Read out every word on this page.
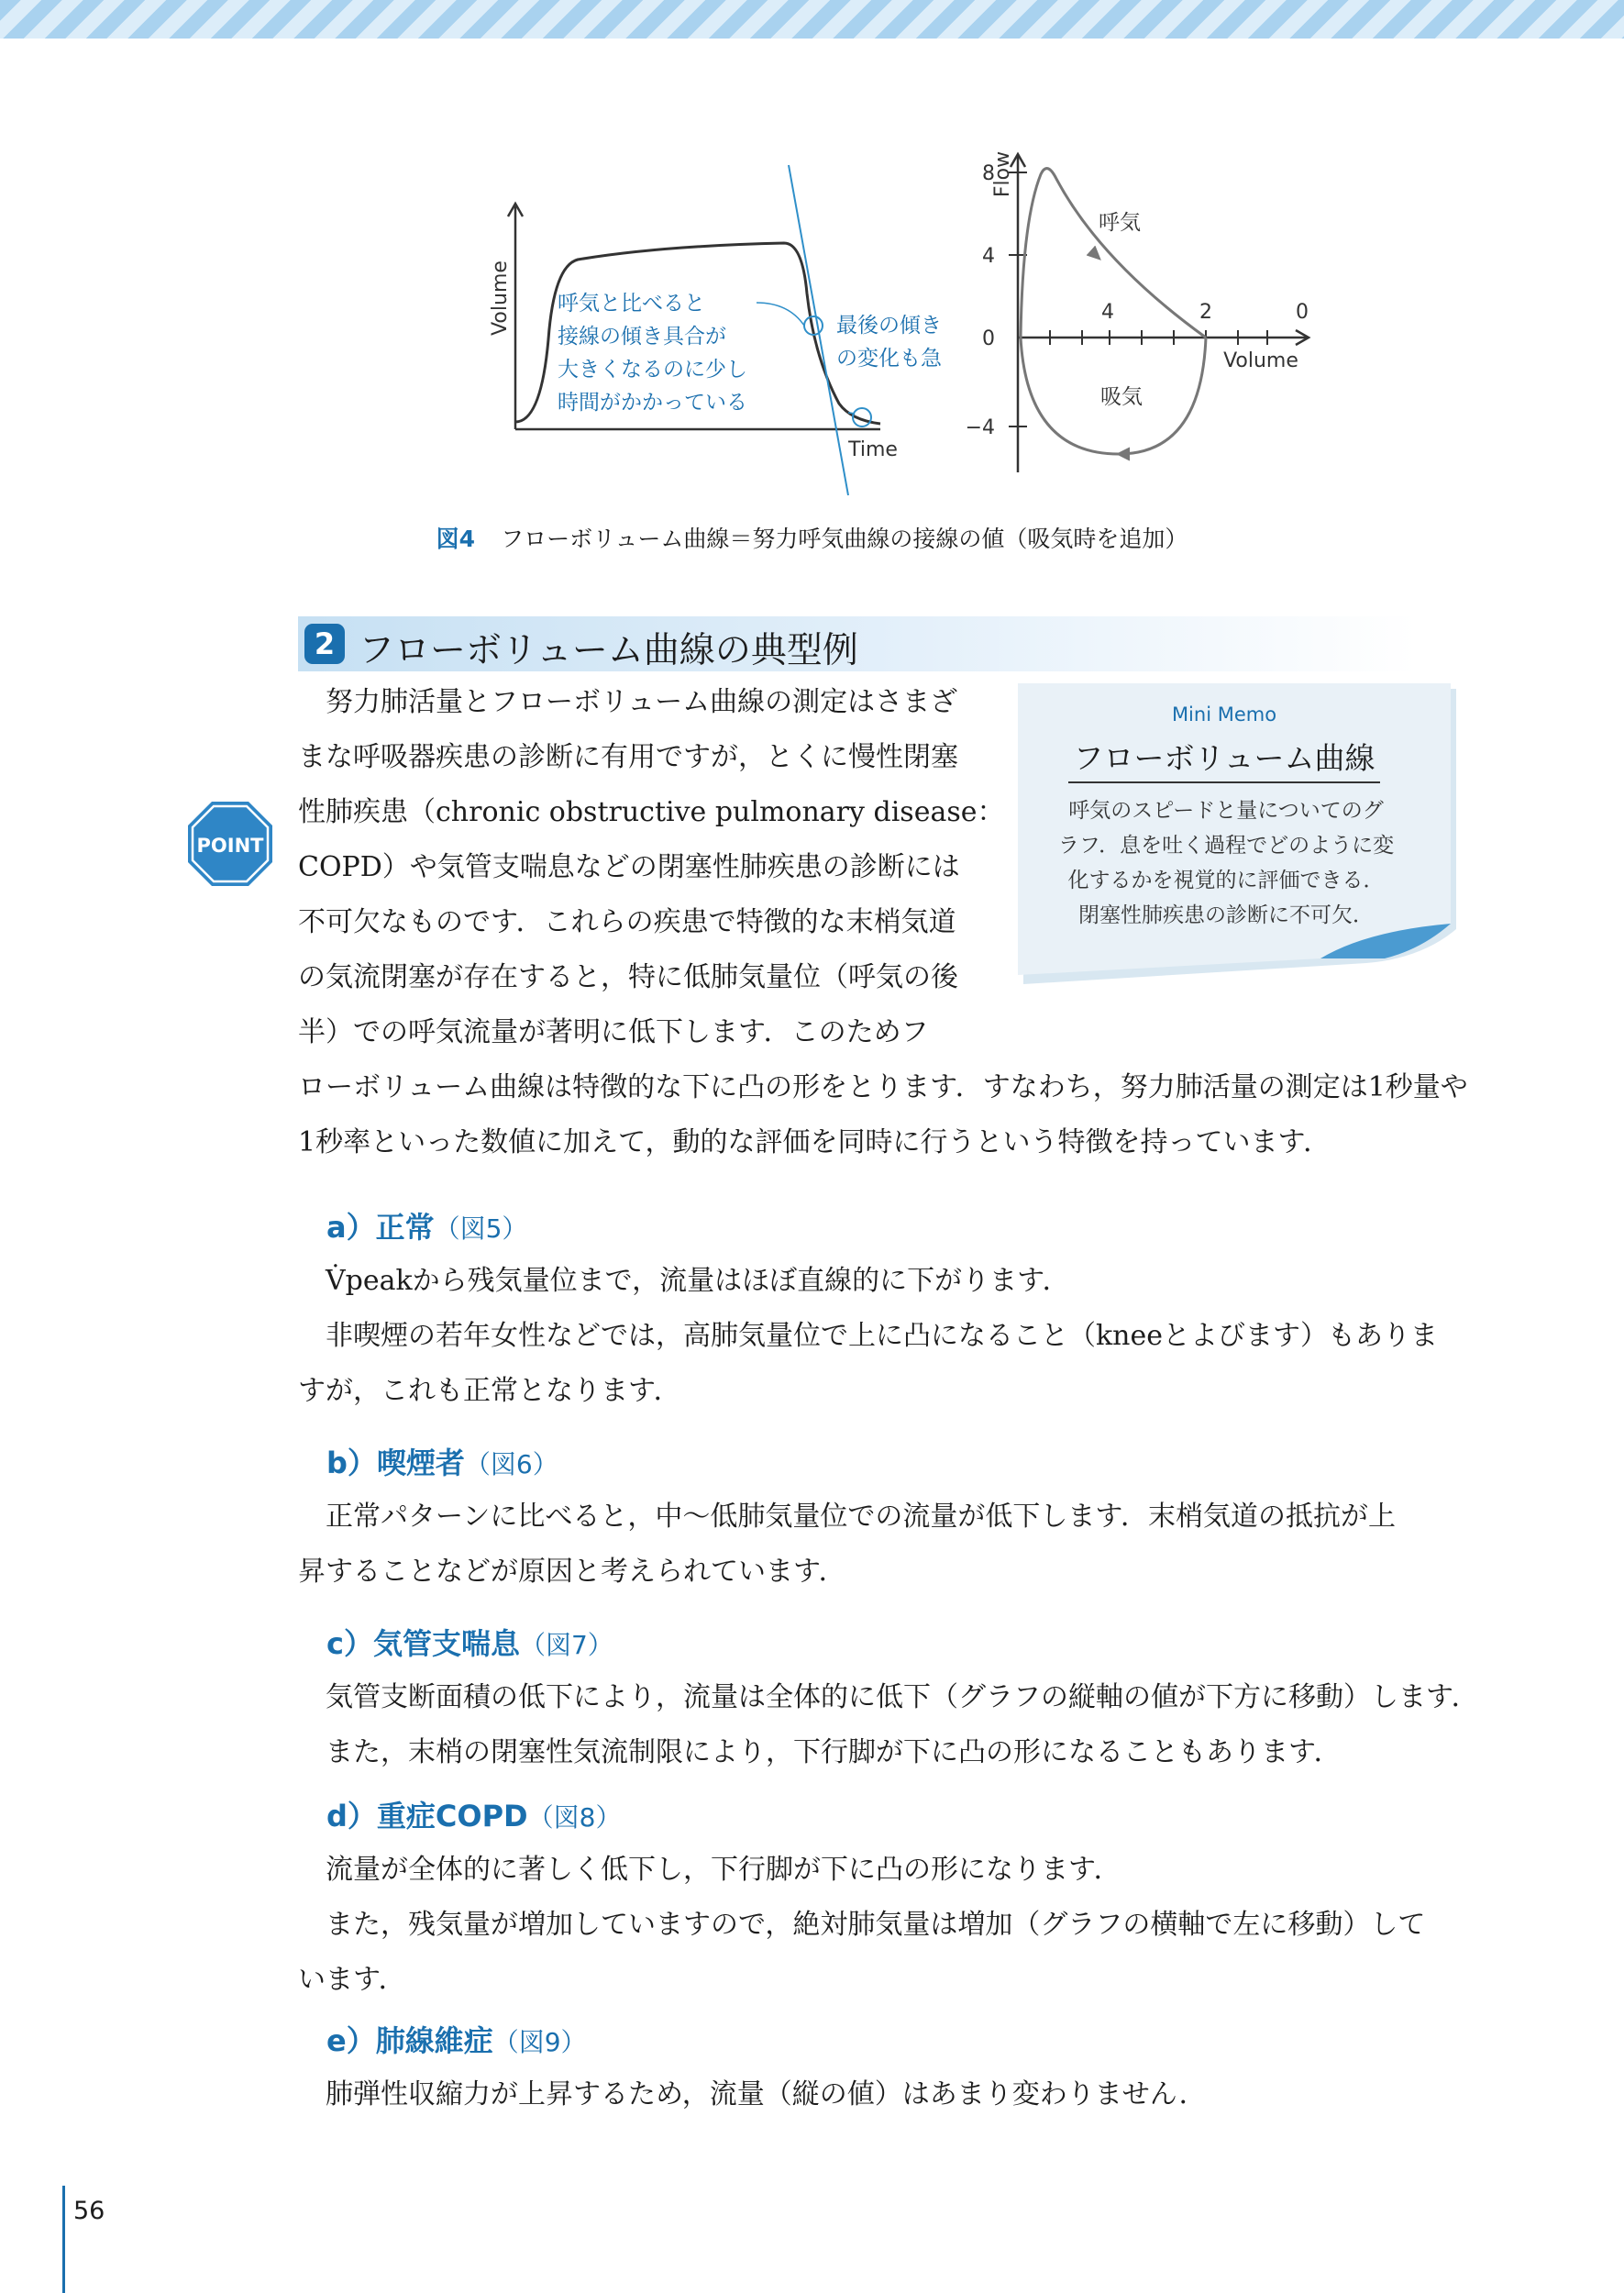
Volume
Time
呼気と比べると
接線の傾き具合が
大きくなるのに少し
時間がかかっている
最後の傾き
の変化も急
Flow
Volume
8
4
0
−4
4	2	0
呼気
吸気
図4 フローボリューム曲線＝努力呼気曲線の接線の値（吸気時を追加）
2 フローボリューム曲線の典型例
POINT
Mini Memo
フローボリューム曲線
呼気のスピードと量についてのグ
ラフ．息を吐く過程でどのように変
化するかを視覚的に評価できる．
閉塞性肺疾患の診断に不可欠．
　努力肺活量とフローボリューム曲線の測定はさまざ
まな呼吸器疾患の診断に有用ですが，とくに慢性閉塞
性肺疾患（chronic obstructive pulmonary disease：
COPD）や気管支喘息などの閉塞性肺疾患の診断には
不可欠なものです．これらの疾患で特徴的な末梢気道
の気流閉塞が存在すると，特に低肺気量位（呼気の後
半）での呼気流量が著明に低下します．このためフ
ローボリューム曲線は特徴的な下に凸の形をとります．すなわち，努力肺活量の測定は1秒量や
1秒率といった数値に加えて，動的な評価を同時に行うという特徴を持っています．
a）正常（図5）
　V̇peakから残気量位まで，流量はほぼ直線的に下がります．
　非喫煙の若年女性などでは，高肺気量位で上に凸になること（kneeとよびます）もありま
すが，これも正常となります．
b）喫煙者（図6）
　正常パターンに比べると，中〜低肺気量位での流量が低下します．末梢気道の抵抗が上
昇することなどが原因と考えられています．
c）気管支喘息（図7）
　気管支断面積の低下により，流量は全体的に低下（グラフの縦軸の値が下方に移動）します．
　また，末梢の閉塞性気流制限により，下行脚が下に凸の形になることもあります．
d）重症COPD（図8）
　流量が全体的に著しく低下し，下行脚が下に凸の形になります．
　また，残気量が増加していますので，絶対肺気量は増加（グラフの横軸で左に移動）して
います．
e）肺線維症（図9）
　肺弾性収縮力が上昇するため，流量（縦の値）はあまり変わりません．
56
